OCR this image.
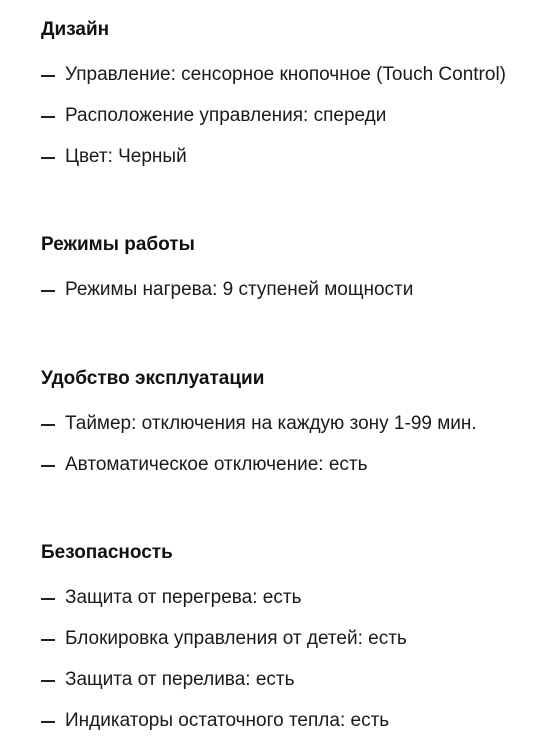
Дизайн
Управление: сенсорное кнопочное (Touch Control)
Расположение управления: спереди
Цвет: Черный
Режимы работы
Режимы нагрева: 9 ступеней мощности
Удобство эксплуатации
Таймер: отключения на каждую зону 1-99 мин.
Автоматическое отключение: есть
Безопасность
Защита от перегрева: есть
Блокировка управления от детей: есть
Защита от перелива: есть
Индикаторы остаточного тепла: есть
